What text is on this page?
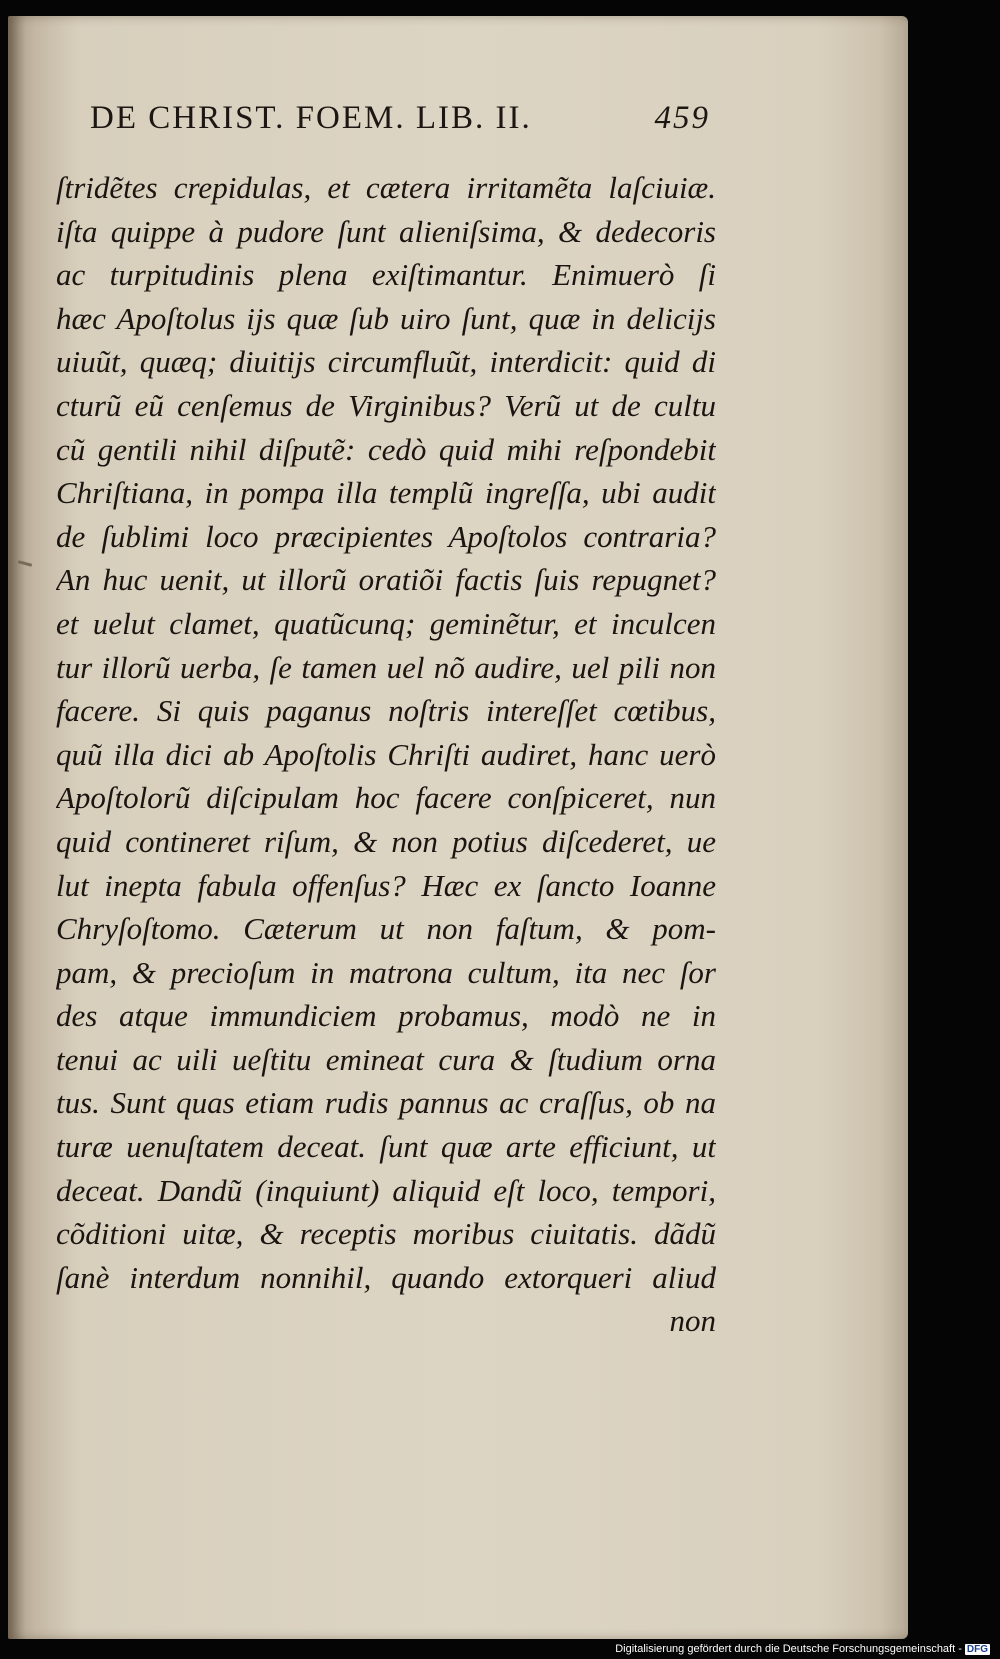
DE CHRIST. FOEM. LIB. II.	459
ſtridẽtes crepidulas, et cætera irritamẽta laſciuiæ.
iſta quippe à pudore ſunt alieniſsima, & dedecoris
ac turpitudinis plena exiſtimantur. Enimuerò ſi
hæc Apoſtolus ijs quæ ſub uiro ſunt, quæ in delicijs
uiuũt, quæq; diuitijs circumfluũt, interdicit: quid di
cturũ eũ cenſemus de Virginibus? Verũ ut de cultu
cũ gentili nihil diſputẽ: cedò quid mihi reſpondebit
Chriſtiana, in pompa illa templũ ingreſſa, ubi audit
de ſublimi loco præcipientes Apoſtolos contraria?
An huc uenit, ut illorũ oratiõi factis ſuis repugnet?
et uelut clamet, quatũcunq; geminẽtur, et inculcen
tur illorũ uerba, ſe tamen uel nõ audire, uel pili non
facere. Si quis paganus noſtris intereſſet cœtibus,
quũ illa dici ab Apoſtolis Chriſti audiret, hanc uerò
Apoſtolorũ diſcipulam hoc facere conſpiceret, nun
quid contineret riſum, & non potius diſcederet, ue
lut inepta fabula offenſus? Hæc ex ſancto Ioanne
Chryſoſtomo. Cæterum ut non faſtum, & pom-
pam, & precioſum in matrona cultum, ita nec ſor
des atque immundiciem probamus, modò ne in
tenui ac uili ueſtitu emineat cura & ſtudium orna
tus. Sunt quas etiam rudis pannus ac craſſus, ob na
turæ uenuſtatem deceat. ſunt quæ arte efficiunt, ut
deceat. Dandũ (inquiunt) aliquid eſt loco, tempori,
cõditioni uitæ, & receptis moribus ciuitatis. dãdũ
ſanè interdum nonnihil, quando extorqueri aliud
non
Digitalisierung gefördert durch die Deutsche Forschungsgemeinschaft - DFG
